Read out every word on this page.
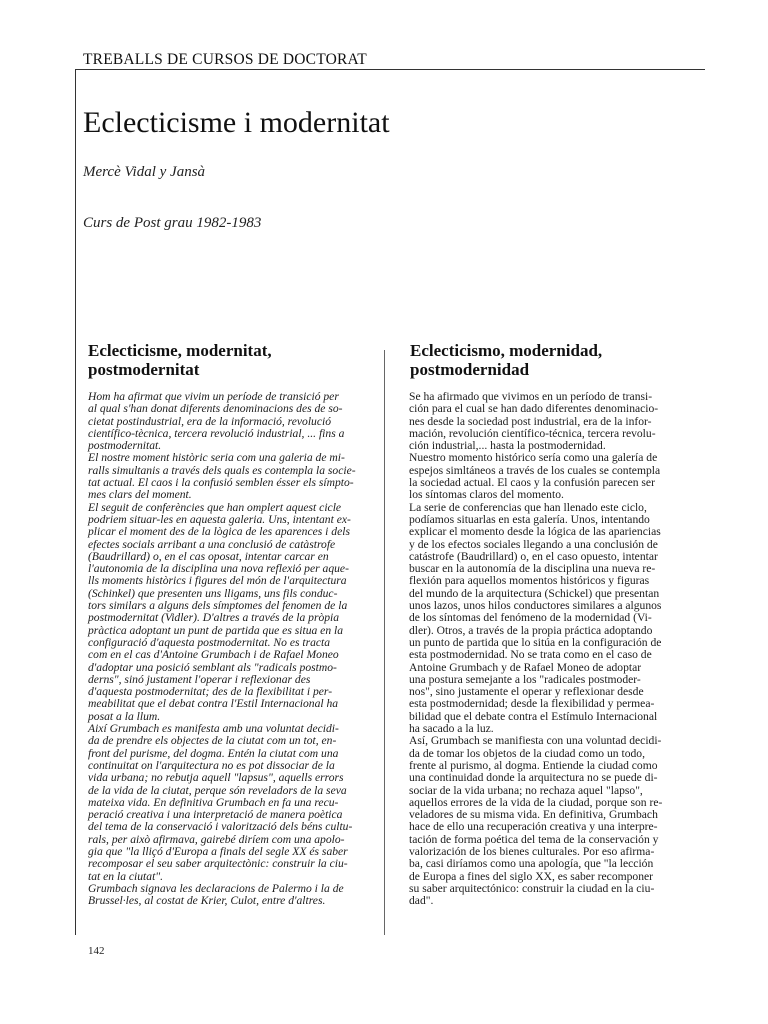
TREBALLS DE CURSOS DE DOCTORAT
Eclecticisme i modernitat
Mercè Vidal y Jansà
Curs de Post grau 1982-1983
Eclecticisme, modernitat,
postmodernitat
Eclecticismo, modernidad,
postmodernidad
Hom ha afirmat que vivim un període de transició per
al qual s'han donat diferents denominacions des de so-
cietat postindustrial, era de la informació, revolució
científico-tècnica, tercera revolució industrial, ... fins a
postmodernitat.
El nostre moment històric seria com una galeria de mi-
ralls simultanis a través dels quals es contempla la socie-
tat actual. El caos i la confusió semblen ésser els símpto-
mes clars del moment.
El seguit de conferències que han omplert aquest cicle
podriem situar-les en aquesta galeria. Uns, intentant ex-
plicar el moment des de la lògica de les aparences i dels
efectes socials arribant a una conclusió de catàstrofe
(Baudrillard) o, en el cas oposat, intentar carcar en
l'autonomia de la disciplina una nova reflexió per aque-
lls moments històrics i figures del món de l'arquitectura
(Schinkel) que presenten uns lligams, uns fils conduc-
tors similars a alguns dels símptomes del fenomen de la
postmodernitat (Vidler). D'altres a través de la pròpia
pràctica adoptant un punt de partida que es situa en la
configuració d'aquesta postmodernitat. No es tracta
com en el cas d'Antoine Grumbach i de Rafael Moneo
d'adoptar una posició semblant als "radicals postmo-
derns", sinó justament l'operar i reflexionar des
d'aquesta postmodernitat; des de la flexibilitat i per-
meabilitat que el debat contra l'Estil Internacional ha
posat a la llum.
Així Grumbach es manifesta amb una voluntat decidi-
da de prendre els objectes de la ciutat com un tot, en-
front del purisme, del dogma. Entén la ciutat com una
continuitat on l'arquitectura no es pot dissociar de la
vida urbana; no rebutja aquell "lapsus", aquells errors
de la vida de la ciutat, perque són reveladors de la seva
mateixa vida. En definitiva Grumbach en fa una recu-
peració creativa i una interpretació de manera poètica
del tema de la conservació i valorització dels béns cultu-
rals, per això afirmava, gairebé diríem com una apolo-
gia que "la lliçó d'Europa a finals del segle XX és saber
recomposar el seu saber arquitectònic: construir la ciu-
tat en la ciutat".
Grumbach signava les declaracions de Palermo i la de
Brussel·les, al costat de Krier, Culot, entre d'altres.
Se ha afirmado que vivimos en un período de transi-
ción para el cual se han dado diferentes denominacio-
nes desde la sociedad post industrial, era de la infor-
mación, revolución científico-técnica, tercera revolu-
ción industrial,... hasta la postmodernidad.
Nuestro momento histórico sería como una galería de
espejos simltáneos a través de los cuales se contempla
la sociedad actual. El caos y la confusión parecen ser
los síntomas claros del momento.
La serie de conferencias que han llenado este ciclo,
podíamos situarlas en esta galería. Unos, intentando
explicar el momento desde la lógica de las apariencias
y de los efectos sociales llegando a una conclusión de
catástrofe (Baudrillard) o, en el caso opuesto, intentar
buscar en la autonomía de la disciplina una nueva re-
flexión para aquellos momentos históricos y figuras
del mundo de la arquitectura (Schickel) que presentan
unos lazos, unos hilos conductores similares a algunos
de los síntomas del fenómeno de la modernidad (Vi-
dler). Otros, a través de la propia práctica adoptando
un punto de partida que lo sitúa en la configuración de
esta postmodernidad. No se trata como en el caso de
Antoine Grumbach y de Rafael Moneo de adoptar
una postura semejante a los "radicales postmoder-
nos", sino justamente el operar y reflexionar desde
esta postmodernidad; desde la flexibilidad y permea-
bilidad que el debate contra el Estímulo Internacional
ha sacado a la luz.
Así, Grumbach se manifiesta con una voluntad decidi-
da de tomar los objetos de la ciudad como un todo,
frente al purismo, al dogma. Entiende la ciudad como
una continuidad donde la arquitectura no se puede di-
sociar de la vida urbana; no rechaza aquel "lapso",
aquellos errores de la vida de la ciudad, porque son re-
veladores de su misma vida. En definitiva, Grumbach
hace de ello una recuperación creativa y una interpre-
tación de forma poética del tema de la conservación y
valorización de los bienes culturales. Por eso afirma-
ba, casi diríamos como una apología, que "la lección
de Europa a fines del siglo XX, es saber recomponer
su saber arquitectónico: construir la ciudad en la ciu-
dad".
142
